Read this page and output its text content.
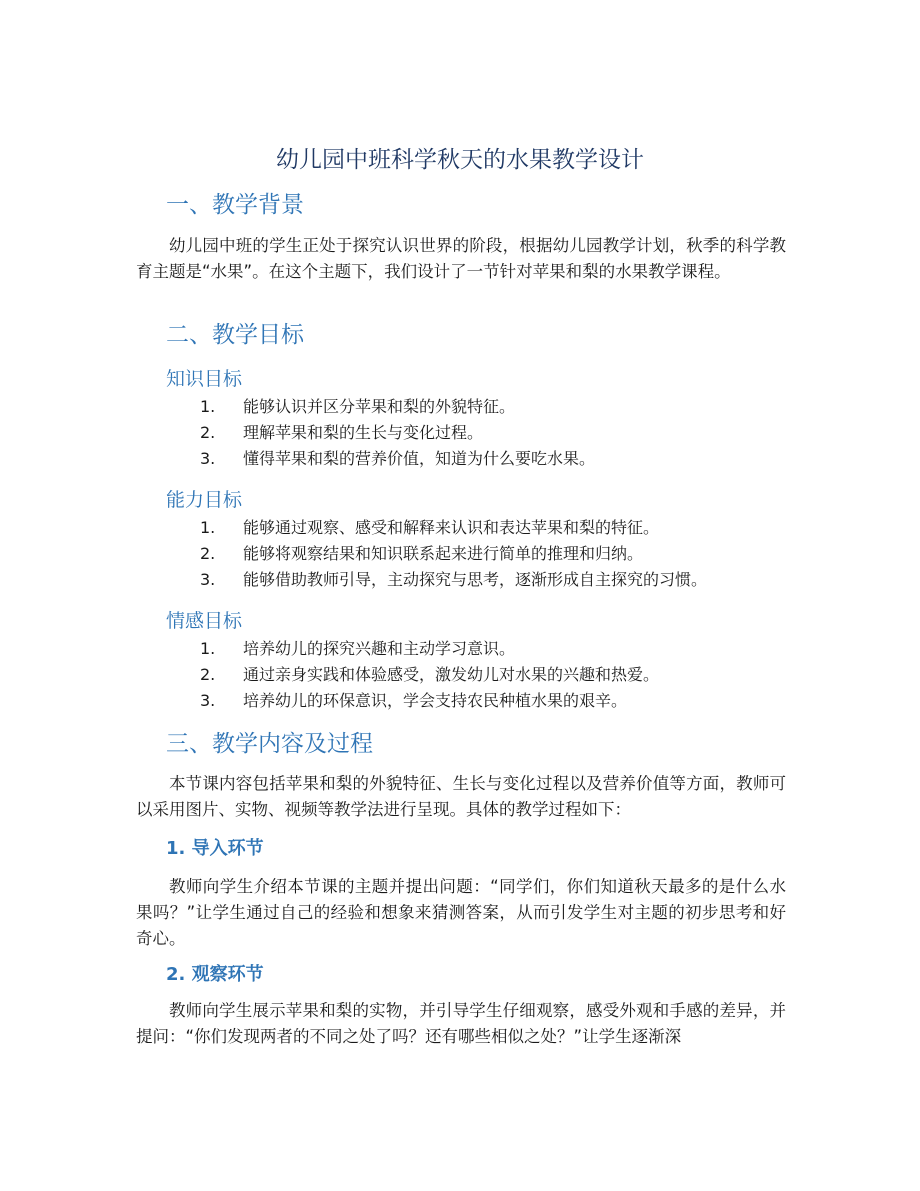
幼儿园中班科学秋天的水果教学设计
一、教学背景

幼儿园中班的学生正处于探究认识世界的阶段，根据幼儿园教学计划，秋季的科学教育主题是“水果”。在这个主题下，我们设计了一节针对苹果和梨的水果教学课程。

二、教学目标
知识目标
1.	能够认识并区分苹果和梨的外貌特征。
2.	理解苹果和梨的生长与变化过程。
3.	懂得苹果和梨的营养价值，知道为什么要吃水果。
能力目标
1.	能够通过观察、感受和解释来认识和表达苹果和梨的特征。
2.	能够将观察结果和知识联系起来进行简单的推理和归纳。
3.	能够借助教师引导，主动探究与思考，逐渐形成自主探究的习惯。
情感目标
1.	培养幼儿的探究兴趣和主动学习意识。
2.	通过亲身实践和体验感受，激发幼儿对水果的兴趣和热爱。
3.	培养幼儿的环保意识，学会支持农民种植水果的艰辛。
三、教学内容及过程

本节课内容包括苹果和梨的外貌特征、生长与变化过程以及营养价值等方面，教师可以采用图片、实物、视频等教学法进行呈现。具体的教学过程如下：

1. 导入环节

教师向学生介绍本节课的主题并提出问题：“同学们，你们知道秋天最多的是什么水果吗？”让学生通过自己的经验和想象来猜测答案，从而引发学生对主题的初步思考和好奇心。

2. 观察环节

教师向学生展示苹果和梨的实物，并引导学生仔细观察，感受外观和手感的差异，并提问：“你们发现两者的不同之处了吗？还有哪些相似之处？”让学生逐渐深
